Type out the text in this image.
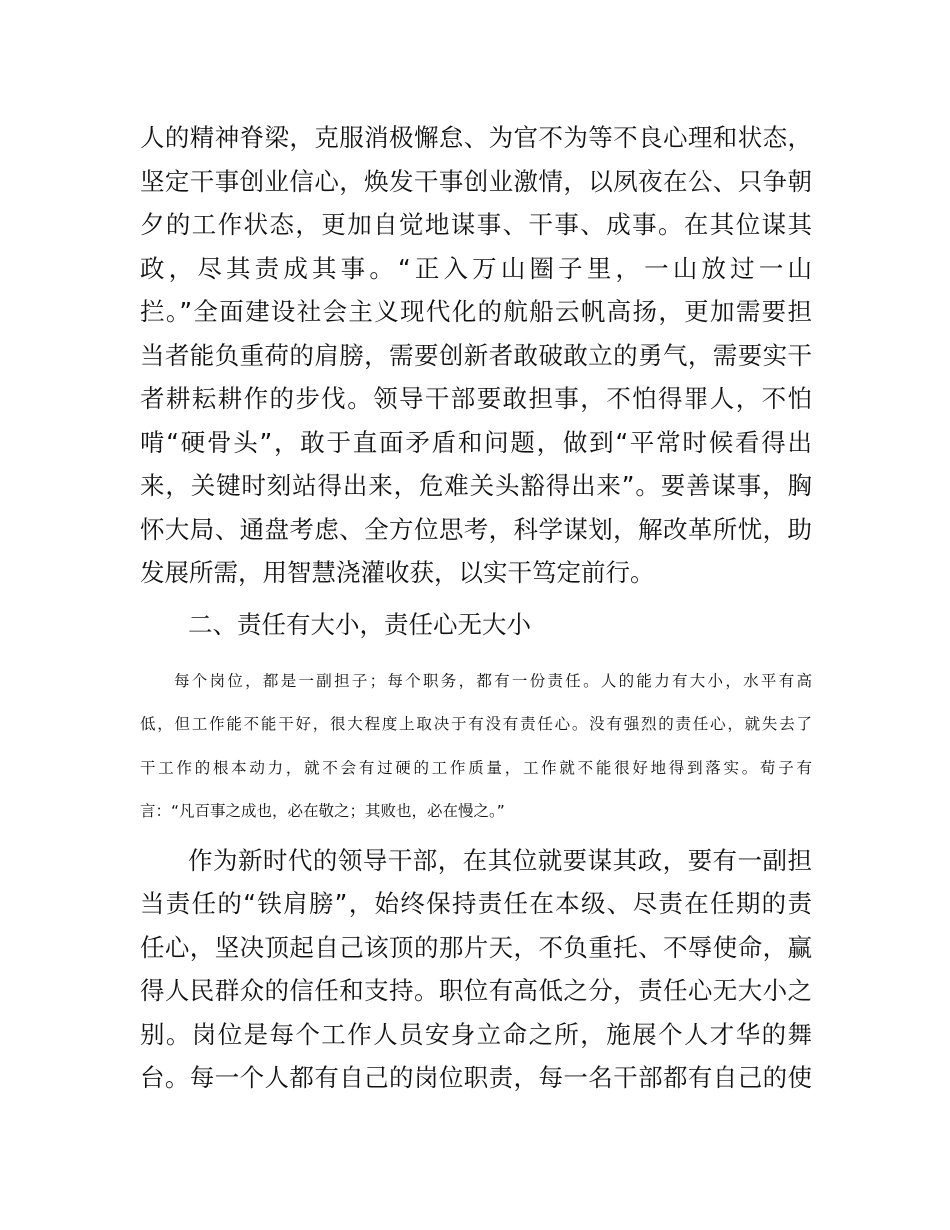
人的精神脊梁，克服消极懈怠、为官不为等不良心理和状态，
坚定干事创业信心，焕发干事创业激情，以夙夜在公、只争朝
夕的工作状态，更加自觉地谋事、干事、成事。在其位谋其
政，尽其责成其事。“正入万山圈子里，一山放过一山
拦。”全面建设社会主义现代化的航船云帆高扬，更加需要担
当者能负重荷的肩膀，需要创新者敢破敢立的勇气，需要实干
者耕耘耕作的步伐。领导干部要敢担事，不怕得罪人，不怕
啃“硬骨头”，敢于直面矛盾和问题，做到“平常时候看得出
来，关键时刻站得出来，危难关头豁得出来”。要善谋事，胸
怀大局、通盘考虑、全方位思考，科学谋划，解改革所忧，助
发展所需，用智慧浇灌收获，以实干笃定前行。
二、责任有大小，责任心无大小
每个岗位，都是一副担子；每个职务，都有一份责任。人的能力有大小，水平有高
低，但工作能不能干好，很大程度上取决于有没有责任心。没有强烈的责任心，就失去了
干工作的根本动力，就不会有过硬的工作质量，工作就不能很好地得到落实。荀子有
言：“凡百事之成也，必在敬之；其败也，必在慢之。”
作为新时代的领导干部，在其位就要谋其政，要有一副担
当责任的“铁肩膀”，始终保持责任在本级、尽责在任期的责
任心，坚决顶起自己该顶的那片天，不负重托、不辱使命，赢
得人民群众的信任和支持。职位有高低之分，责任心无大小之
别。岗位是每个工作人员安身立命之所，施展个人才华的舞
台。每一个人都有自己的岗位职责，每一名干部都有自己的使
